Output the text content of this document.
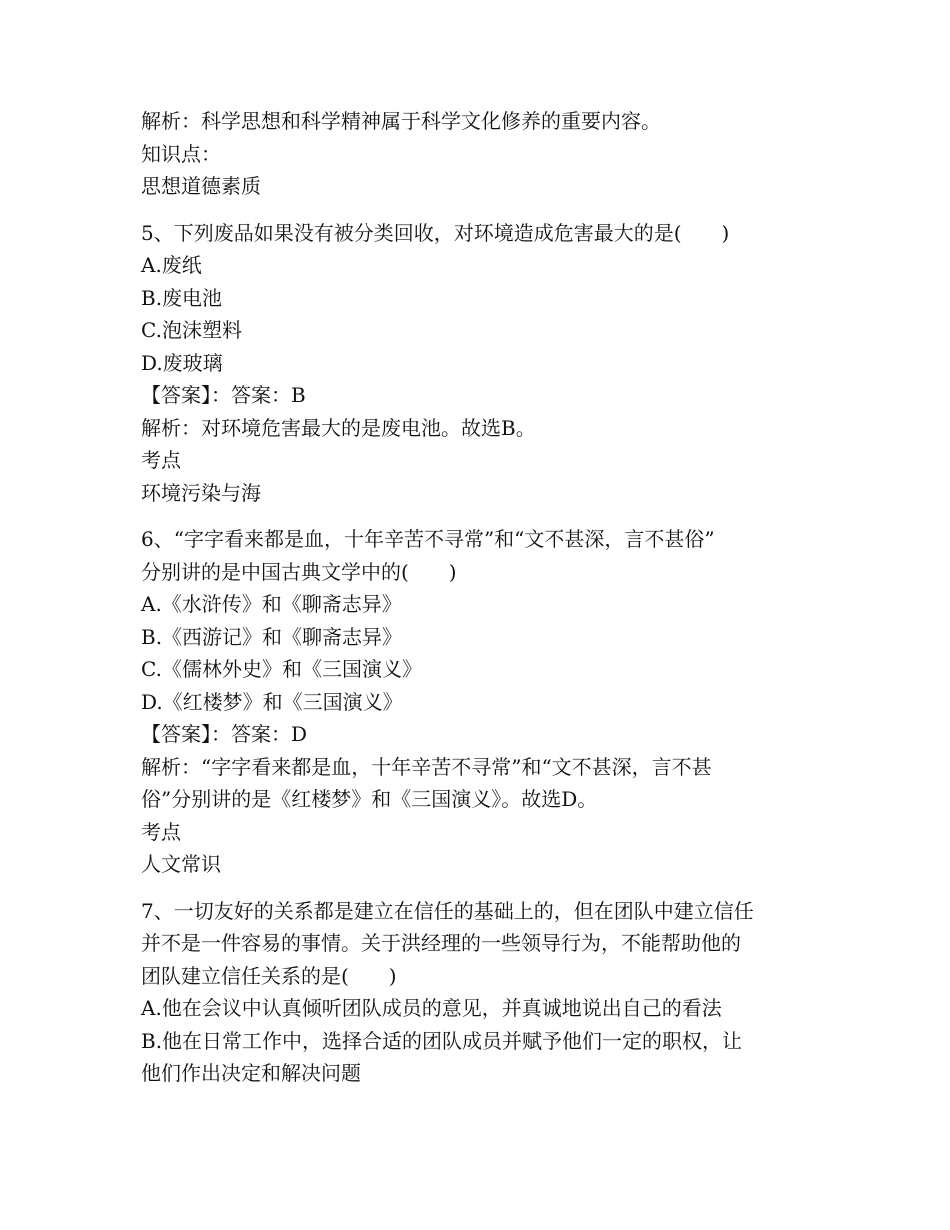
解析：科学思想和科学精神属于科学文化修养的重要内容。
知识点：
思想道德素质
5、下列废品如果没有被分类回收，对环境造成危害最大的是(　　)
A.废纸
B.废电池
C.泡沫塑料
D.废玻璃
【答案】：答案：B
解析：对环境危害最大的是废电池。故选B。
考点
环境污染与海
6、“字字看来都是血，十年辛苦不寻常”和“文不甚深，言不甚俗”
分别讲的是中国古典文学中的(　　)
A.《水浒传》和《聊斋志异》
B.《西游记》和《聊斋志异》
C.《儒林外史》和《三国演义》
D.《红楼梦》和《三国演义》
【答案】：答案：D
解析：“字字看来都是血，十年辛苦不寻常”和“文不甚深，言不甚
俗”分别讲的是《红楼梦》和《三国演义》。故选D。
考点
人文常识
7、一切友好的关系都是建立在信任的基础上的，但在团队中建立信任
并不是一件容易的事情。关于洪经理的一些领导行为，不能帮助他的
团队建立信任关系的是(　　)
A.他在会议中认真倾听团队成员的意见，并真诚地说出自己的看法
B.他在日常工作中，选择合适的团队成员并赋予他们一定的职权，让
他们作出决定和解决问题
